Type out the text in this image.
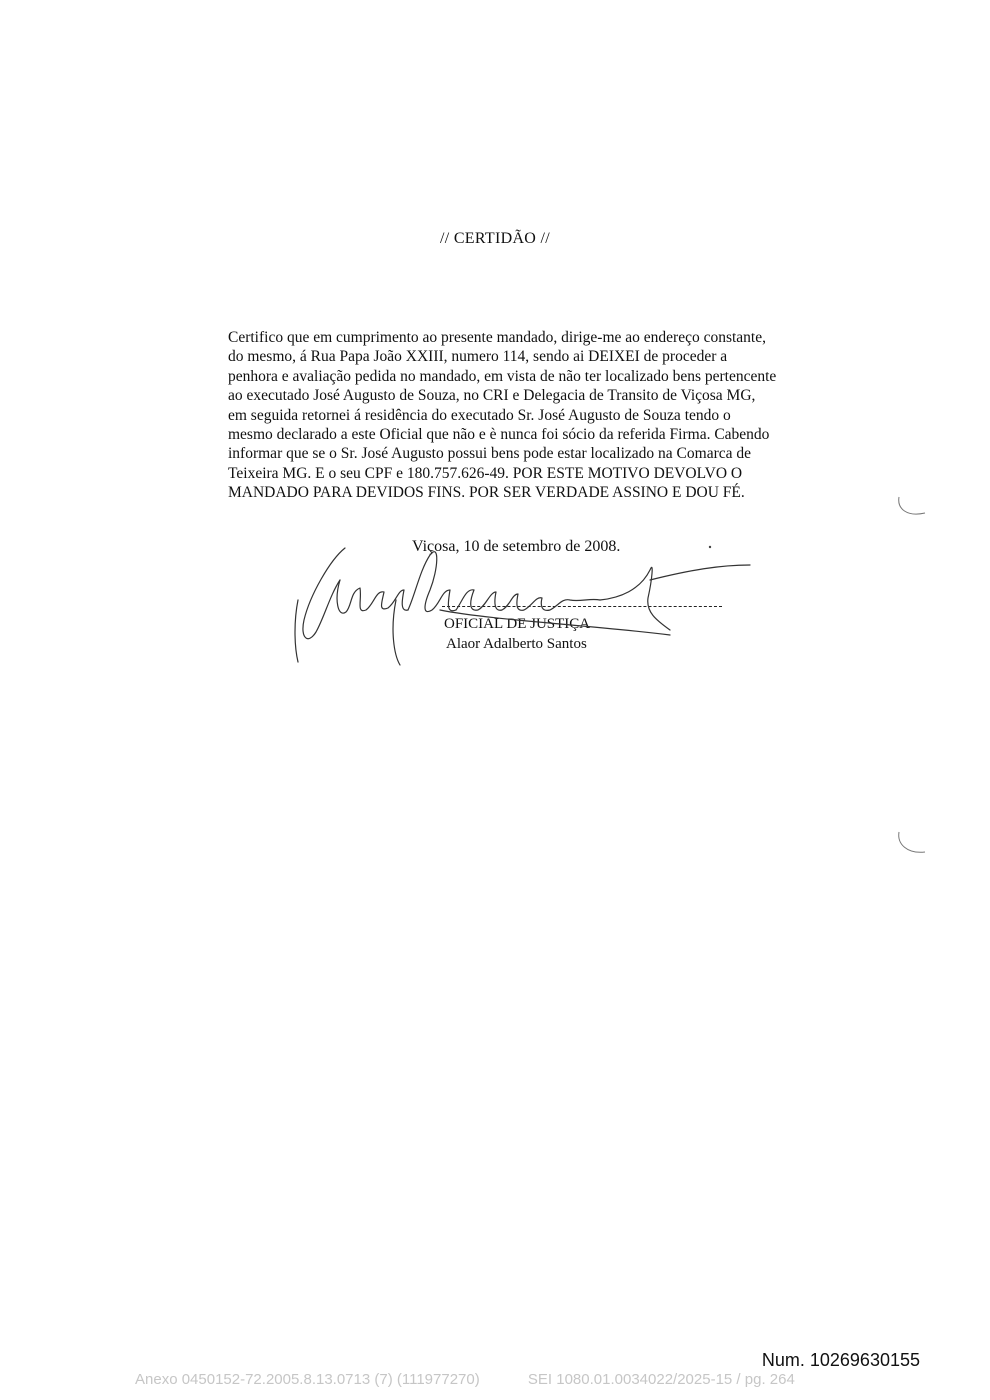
// CERTIDÃO //
Certifico que em cumprimento ao presente mandado, dirige-me ao endereço constante,
do mesmo, á Rua Papa João XXIII, numero 114, sendo ai DEIXEI de proceder a
penhora e avaliação pedida no mandado, em vista de não ter localizado bens pertencente
ao executado José Augusto de Souza, no CRI e Delegacia de Transito de Viçosa MG,
em seguida retornei á residência do executado Sr. José Augusto de Souza tendo o
mesmo declarado a este Oficial que não e è nunca foi sócio da referida Firma. Cabendo
informar que se o Sr. José Augusto possui bens pode estar localizado na Comarca de
Teixeira MG. E o seu CPF e 180.757.626-49. POR ESTE MOTIVO DEVOLVO O
MANDADO PARA DEVIDOS FINS. POR SER VERDADE ASSINO E DOU FÉ.
Viçosa, 10 de setembro de 2008.
OFICIAL DE JUSTIÇA
Alaor Adalberto Santos
Num. 10269630155
Anexo 0450152-72.2005.8.13.0713 (7) (111977270)	SEI 1080.01.0034022/2025-15 / pg. 264
